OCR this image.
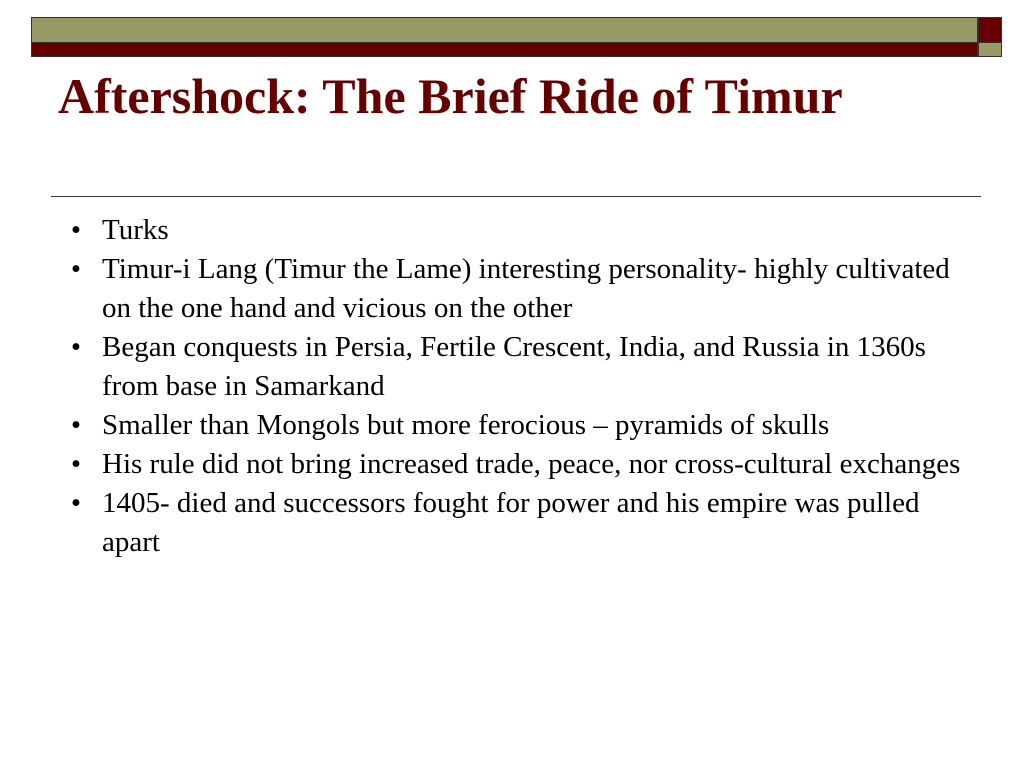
Aftershock: The Brief Ride of Timur
• Turks
• Timur-i Lang (Timur the Lame) interesting personality- highly cultivated on the one hand and vicious on the other
• Began conquests in Persia, Fertile Crescent, India, and Russia in 1360s from base in Samarkand
• Smaller than Mongols but more ferocious – pyramids of skulls
• His rule did not bring increased trade, peace, nor cross-cultural exchanges
• 1405- died and successors fought for power and his empire was pulled apart
